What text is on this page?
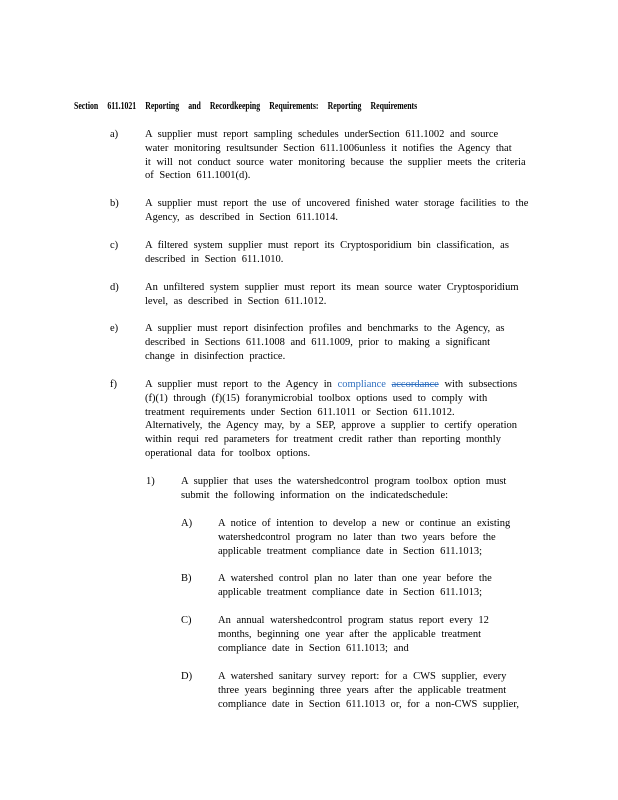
Section 611.1021 Reporting and Recordkeeping Requirements: Reporting Requirements
a)	A supplier must report sampling schedules underSection 611.1002 and source
water monitoring resultsunder Section 611.1006unless it notifies the Agency that
it will not conduct source water monitoring because the supplier meets the criteria
of Section 611.1001(d).
b)	A supplier must report the use of uncovered finished water storage facilities to the
Agency, as described in Section 611.1014.
c)	A filtered system supplier must report its Cryptosporidium bin classification, as
described in Section 611.1010.
d)	An unfiltered system supplier must report its mean source water Cryptosporidium
level, as described in Section 611.1012.
e)	A supplier must report disinfection profiles and benchmarks to the Agency, as
described in Sections 611.1008 and 611.1009, prior to making a significant
change in disinfection practice.
f)	A supplier must report to the Agency in compliance accordance with subsections
(f)(1) through (f)(15) foranymicrobial toolbox options used to comply with
treatment requirements under Section 611.1011 or Section 611.1012.
Alternatively, the Agency may, by a SEP, approve a supplier to certify operation
within requi red parameters for treatment credit rather than reporting monthly
operational data for toolbox options.
1)	A supplier that uses the watershedcontrol program toolbox option must
submit the following information on the indicatedschedule:
A) A notice of intention to develop a new or continue an existing
watershedcontrol program no later than two years before the
applicable treatment compliance date in Section 611.1013;
B)	A watershed control plan no later than one year before the
applicable treatment compliance date in Section 611.1013;
C)	An annual watershedcontrol program status report every 12
months, beginning one year after the applicable treatment
compliance date in Section 611.1013; and
D) A watershed sanitary survey report: for a CWS supplier, every
three years beginning three years after the applicable treatment
compliance date in Section 611.1013 or, for a non-CWS supplier,
